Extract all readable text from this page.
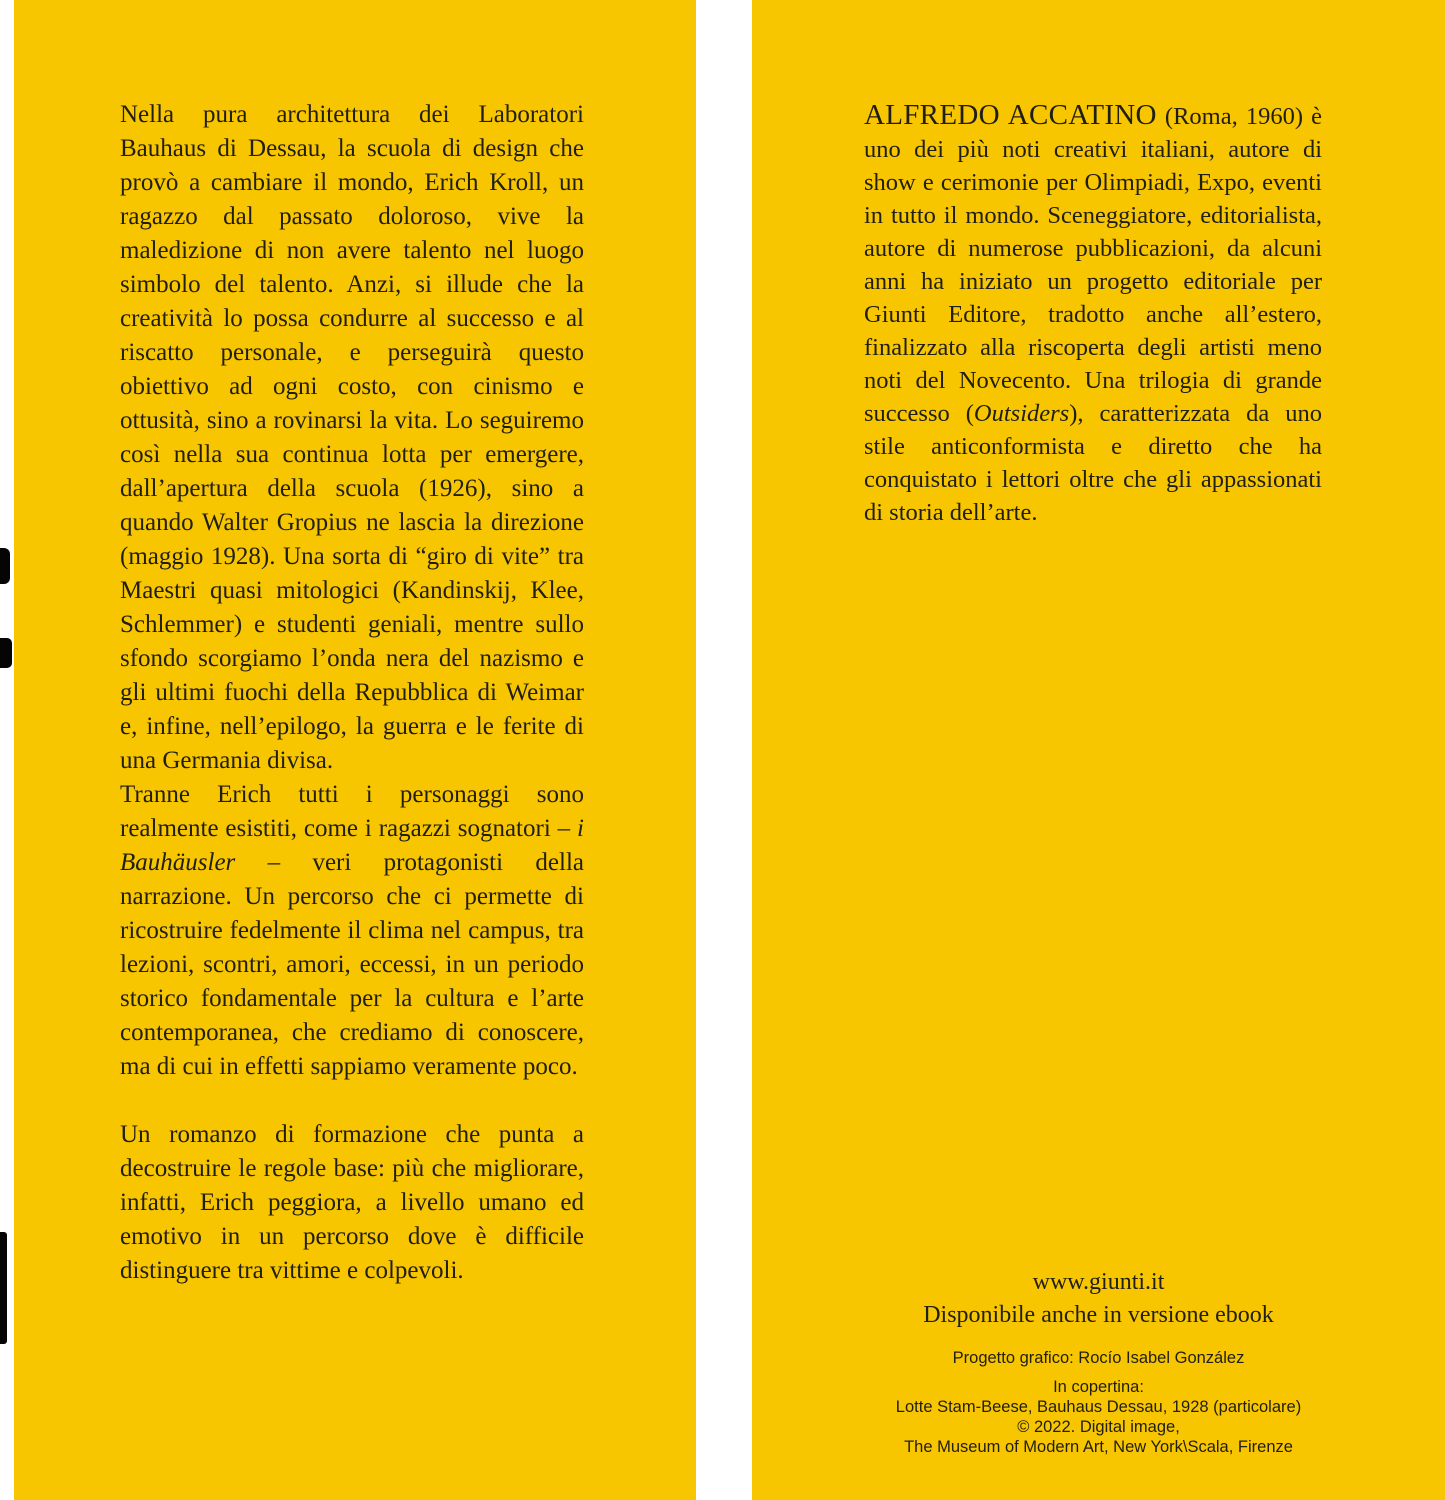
Nella pura architettura dei Laboratori Bauhaus di Dessau, la scuola di design che provò a cambiare il mondo, Erich Kroll, un ragazzo dal passato doloroso, vive la maledizione di non avere talento nel luogo simbolo del talento. Anzi, si illude che la creatività lo possa condurre al successo e al riscatto personale, e perseguirà questo obiettivo ad ogni costo, con cinismo e ottusità, sino a rovinarsi la vita. Lo seguiremo così nella sua continua lotta per emergere, dall’apertura della scuola (1926), sino a quando Walter Gropius ne lascia la direzione (maggio 1928). Una sorta di “giro di vite” tra Maestri quasi mitologici (Kandinskij, Klee, Schlemmer) e studenti geniali, mentre sullo sfondo scorgiamo l’onda nera del nazismo e gli ultimi fuochi della Repubblica di Weimar e, infine, nell’epilogo, la guerra e le ferite di una Germania divisa.

Tranne Erich tutti i personaggi sono realmente esistiti, come i ragazzi sognatori – i Bauhäusler – veri protagonisti della narrazione. Un percorso che ci permette di ricostruire fedelmente il clima nel campus, tra lezioni, scontri, amori, eccessi, in un periodo storico fondamentale per la cultura e l’arte contemporanea, che crediamo di conoscere, ma di cui in effetti sappiamo veramente poco.

Un romanzo di formazione che punta a decostruire le regole base: più che migliorare, infatti, Erich peggiora, a livello umano ed emotivo in un percorso dove è difficile distinguere tra vittime e colpevoli.

ALFREDO ACCATINO (Roma, 1960) è uno dei più noti creativi italiani, autore di show e cerimonie per Olimpiadi, Expo, eventi in tutto il mondo. Sceneggiatore, editorialista, autore di numerose pubblicazioni, da alcuni anni ha iniziato un progetto editoriale per Giunti Editore, tradotto anche all’estero, finalizzato alla riscoperta degli artisti meno noti del Novecento. Una trilogia di grande successo (Outsiders), caratterizzata da uno stile anticonformista e diretto che ha conquistato i lettori oltre che gli appassionati di storia dell’arte.

www.giunti.it
Disponibile anche in versione ebook
Progetto grafico: Rocío Isabel González
In copertina:
Lotte Stam-Beese, Bauhaus Dessau, 1928 (particolare)
© 2022. Digital image,
The Museum of Modern Art, New York\Scala, Firenze
